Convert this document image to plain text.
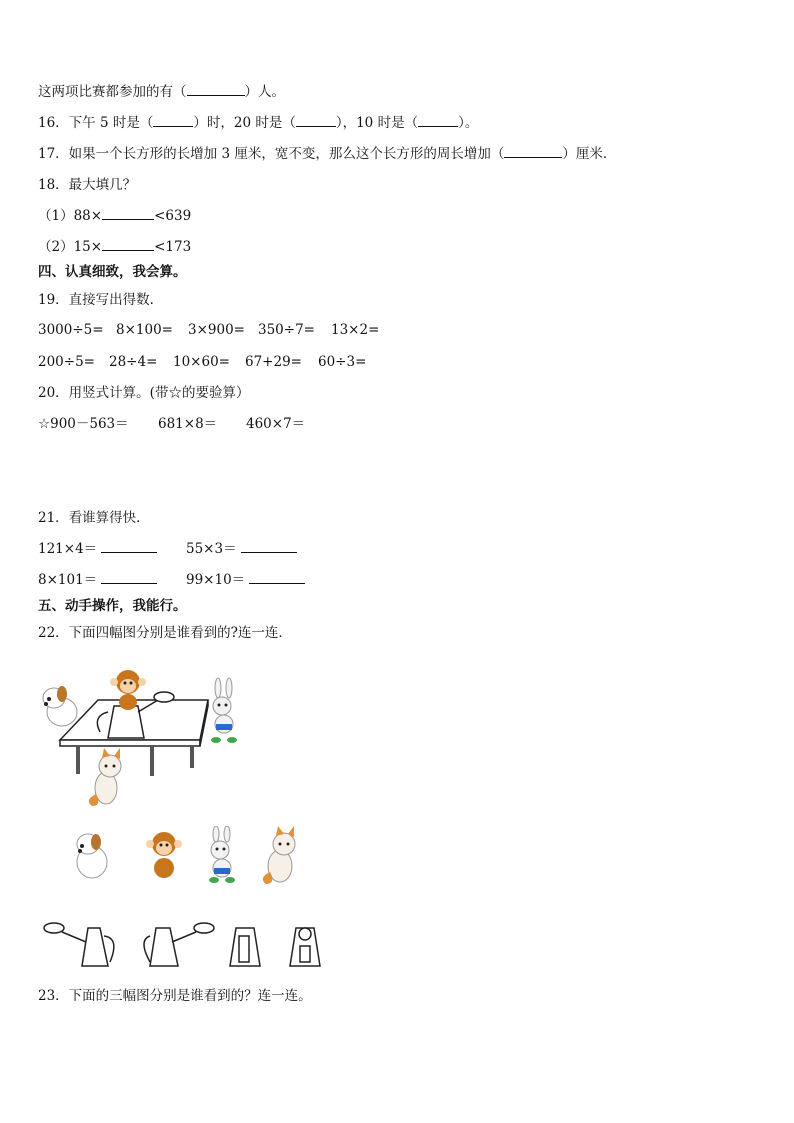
这两项比赛都参加的有（	）人。
16．下午 5 时是（	）时，20 时是（	），10 时是（	）。
17．如果一个长方形的长增加 3 厘米，宽不变，那么这个长方形的周长增加（	）厘米．
18．最大填几？
（1）88×	<639
（2）15×	<173
四、认真细致，我会算。
19．直接写出得数．
3000÷5= 8×100= 3×900= 350÷7= 13×2=
200÷5= 28÷4= 10×60= 67+29= 60÷3=
20．用竖式计算。(带☆的要验算）
☆900－563＝ 681×8＝ 460×7＝
21．看谁算得快．
121×4＝	55×3＝
8×101＝	99×10＝
五、动手操作，我能行。
22．下面四幅图分别是谁看到的?连一连．
23．下面的三幅图分别是谁看到的？连一连。
